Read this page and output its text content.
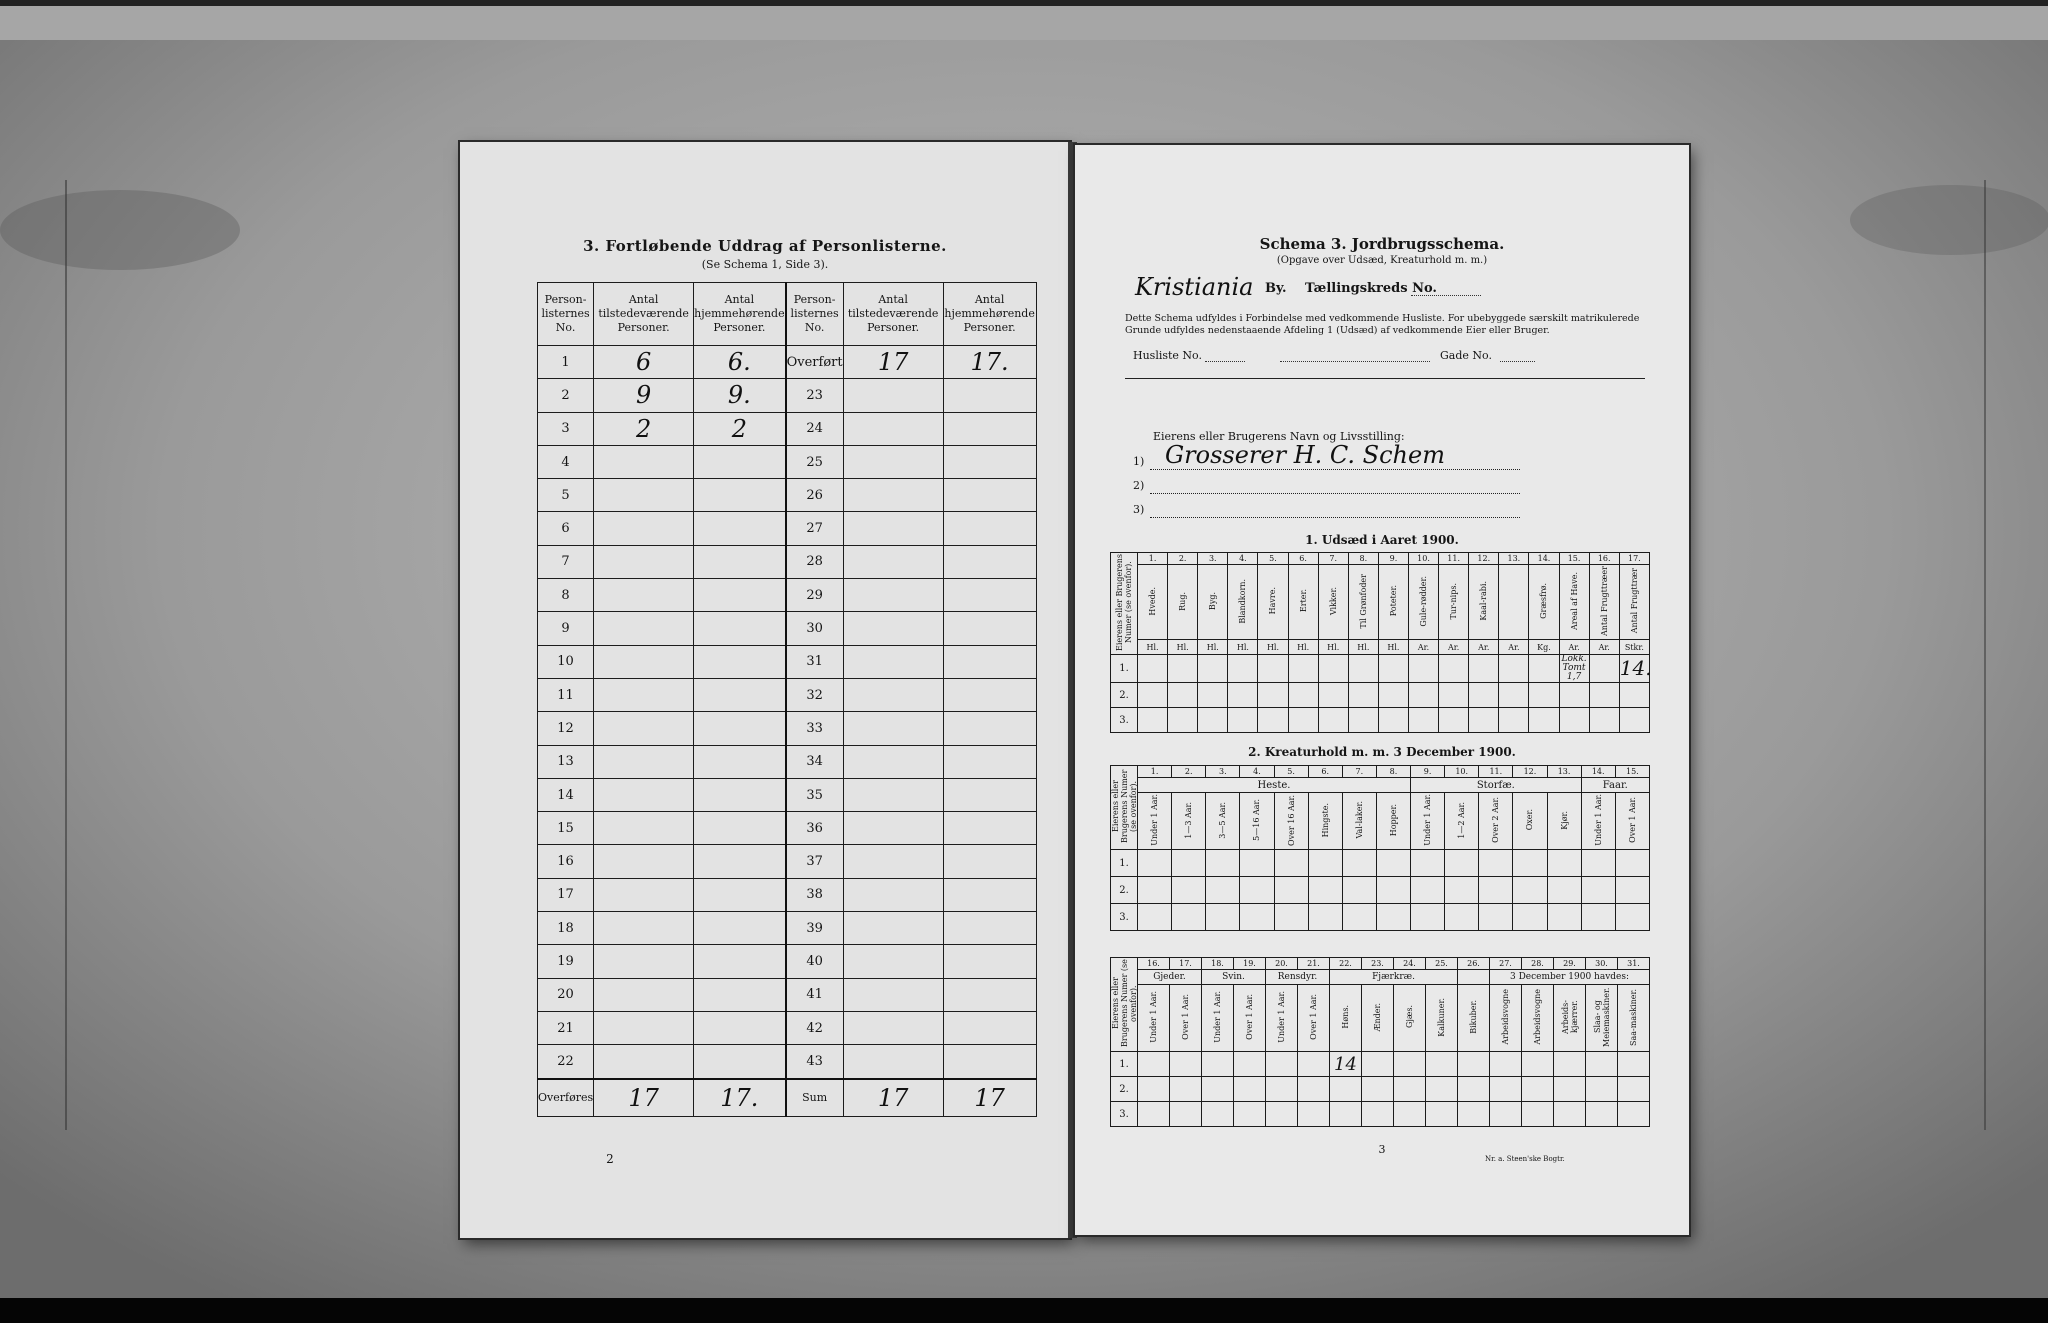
3. Fortløbende Uddrag af Personlisterne.
(Se Schema 1, Side 3).
Person-listernes No.	Antal tilstedeværende Personer.	Antal hjemmehørende Personer.	Person-listernes No.	Antal tilstedeværende Personer.	Antal hjemmehørende Personer.
1	6	6.	Overført	17	17.
2	9	9.	23		
3	2	2	24		
4			25		
5			26		
6			27		
7			28		
8			29		
9			30		
10			31		
11			32		
12			33		
13			34		
14			35		
15			36		
16			37		
17			38		
18			39		
19			40		
20			41		
21			42		
22			43		
Overføres	17	17.	Sum	17	17
2
Schema 3. Jordbrugsschema.
(Opgave over Udsæd, Kreaturhold m. m.)
Kristiania By. Tællingskreds No.
Dette Schema udfyldes i Forbindelse med vedkommende Husliste. For ubebyggede særskilt matrikulerede Grunde udfyldes nedenstaaende Afdeling 1 (Udsæd) af vedkommende Eier eller Bruger.
Husliste No.	Gade No.
Eierens eller Brugerens Navn og Livsstilling:
1) Grosserer H. C. Schem
2)
3)
1. Udsæd i Aaret 1900.
Eierens eller Brugerens Numer (se ovenfor).	1.	2.	3.	4.	5.	6.	7.	8.	9.	10.	11.	12.	13.	14.	15.	16.	17.
	Hvede.	Rug.	Byg.	Blandkorn.	Havre.	Erter.	Vikker.	Til Grønfoder	Poteter.	Gule-rødder.	Tur-nips.	Kaal-rabi.		Græsfrø.	Areal af Have.	Antal Frugttræer	Antal Frugttrær
	Hl.	Hl.	Hl.	Hl.	Hl.	Hl.	Hl.	Hl.	Hl.	Ar.	Ar.	Ar.	Ar.	Kg.	Ar.	Ar.	Stkr.
1.															Lokk. Tomt 1,7		14.
2.																	
3.																	
2. Kreaturhold m. m. 3 December 1900.
Eierens eller Brugerens Numer (se ovenfor).	1.	2.	3.	4.	5.	6.	7.	8.	9.	10.	11.	12.	13.	14.	15.
	Heste.								Storfæ.					Faar.	
	Under 1 Aar.	1—3 Aar.	3—5 Aar.	5—16 Aar.	Over 16 Aar.	Hingste.	Val-laker.	Hopper.	Under 1 Aar.	1—2 Aar.	Over 2 Aar.	Oxer.	Kjør.	Under 1 Aar.	Over 1 Aar.

1.															
2.															
3.															
Eierens eller Brugerens Numer (se ovenfor).	16.	17.	18.	19.	20.	21.	22.	23.	24.	25.	26.	27.	28.	29.	30.	31.
	Gjeder.		Svin.		Rensdyr.		Fjærkræ.					3 December 1900 havdes:				
	Under 1 Aar.	Over 1 Aar.	Under 1 Aar.	Over 1 Aar.	Under 1 Aar.	Over 1 Aar.	Høns.	Ænder.	Gjæs.	Kalkuner.	Bikuber.	Arbeidsvogne	Arbeidsvogne	Arbeids-kjærrer.	Slaa- og Meiemaskiner.	Saa-maskiner.
1.							14									
2.																
3.																
3
Nr. a. Steen'ske Bogtr.
